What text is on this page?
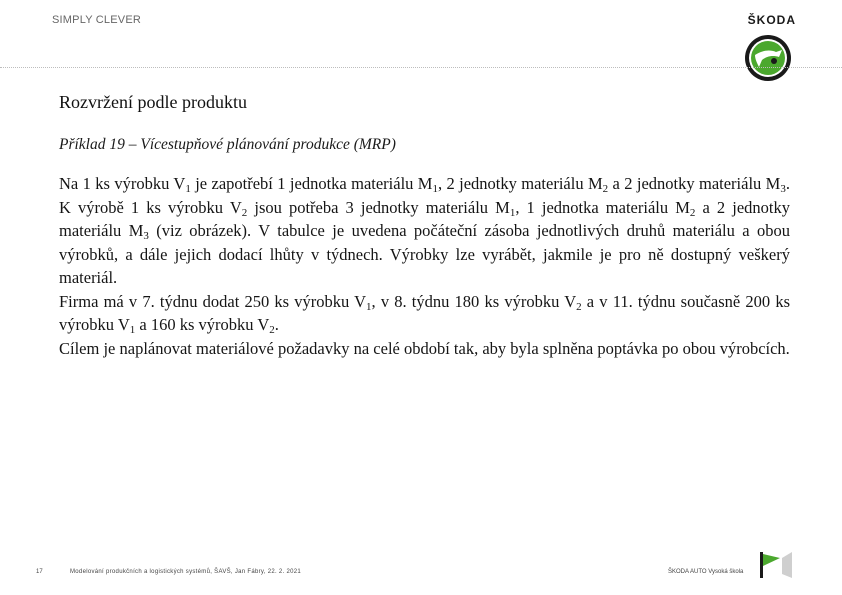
SIMPLY CLEVER	ŠKODA
Rozvržení podle produktu

Příklad 19 – Vícestupňové plánování produkce (MRP)

Na 1 ks výrobku $V_1$ je zapotřebí 1 jednotka materiálu $M_1$, 2 jednotky materiálu $M_2$ a 2 jednotky materiálu $M_3$. K výrobě 1 ks výrobku $V_2$ jsou potřeba 3 jednotky materiálu $M_1$, 1 jednotka materiálu $M_2$ a 2 jednotky materiálu $M_3$ (viz obrázek). V tabulce je uvedena počáteční zásoba jednotlivých druhů materiálu a obou výrobků, a dále jejich dodací lhůty v týdnech. Výrobky lze vyrábět, jakmile je pro ně dostupný veškerý materiál.

Firma má v 7. týdnu dodat 250 ks výrobku $V_1$, v 8. týdnu 180 ks výrobku $V_2$ a v 11. týdnu současně 200 ks výrobku $V_1$ a 160 ks výrobku $V_2$.

Cílem je naplánovat materiálové požadavky na celé období tak, aby byla splněna poptávka po obou výrobcích.

17	Modelování produkčních a logistických systémů, ŠAVŠ, Jan Fábry, 22. 2. 2021	ŠKODA AUTO Vysoká škola
